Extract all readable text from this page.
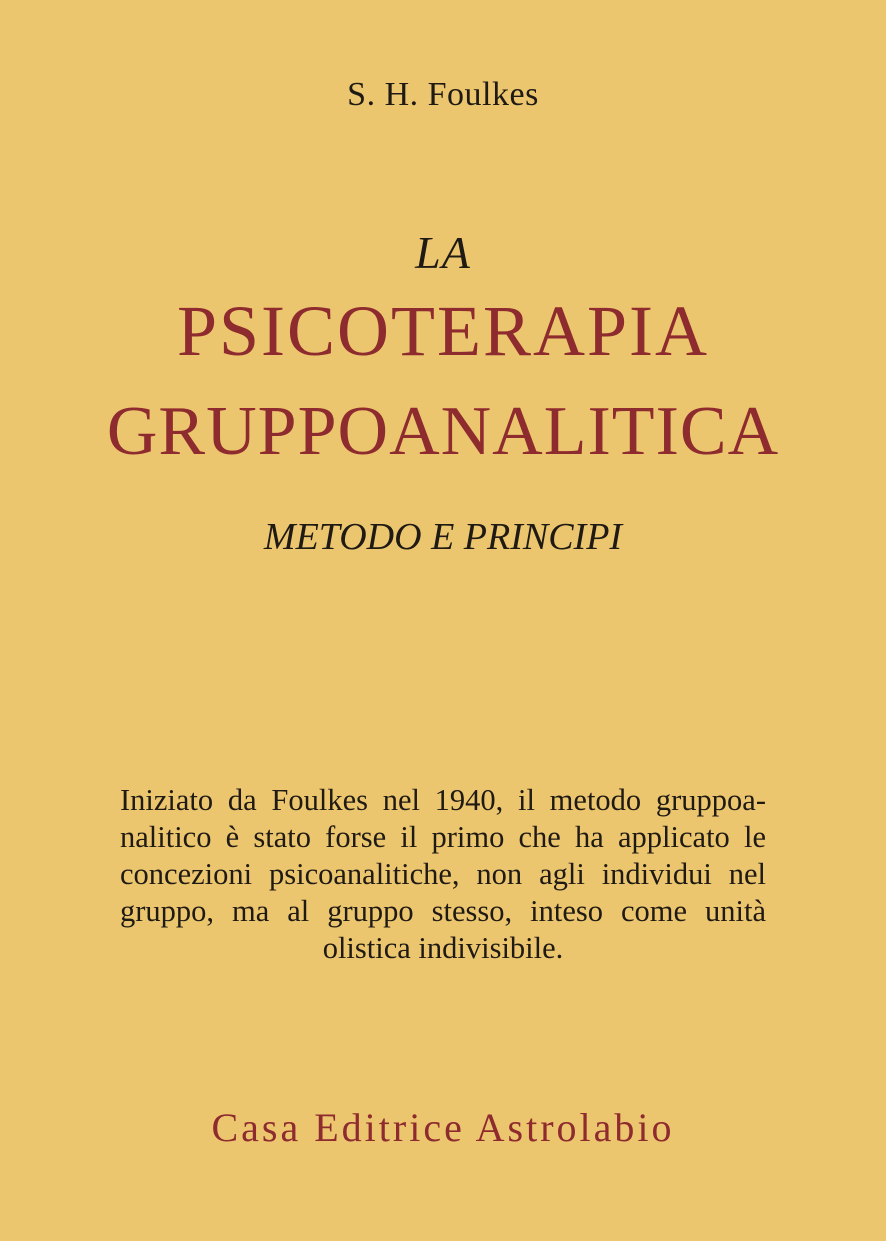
S. H. Foulkes
LA
PSICOTERAPIA
GRUPPOANALITICA
METODO E PRINCIPI
Iniziato da Foulkes nel 1940, il metodo gruppoa-
nalitico è stato forse il primo che ha applicato le
concezioni psicoanalitiche, non agli individui nel
gruppo, ma al gruppo stesso, inteso come unità
olistica indivisibile.
Casa Editrice Astrolabio
